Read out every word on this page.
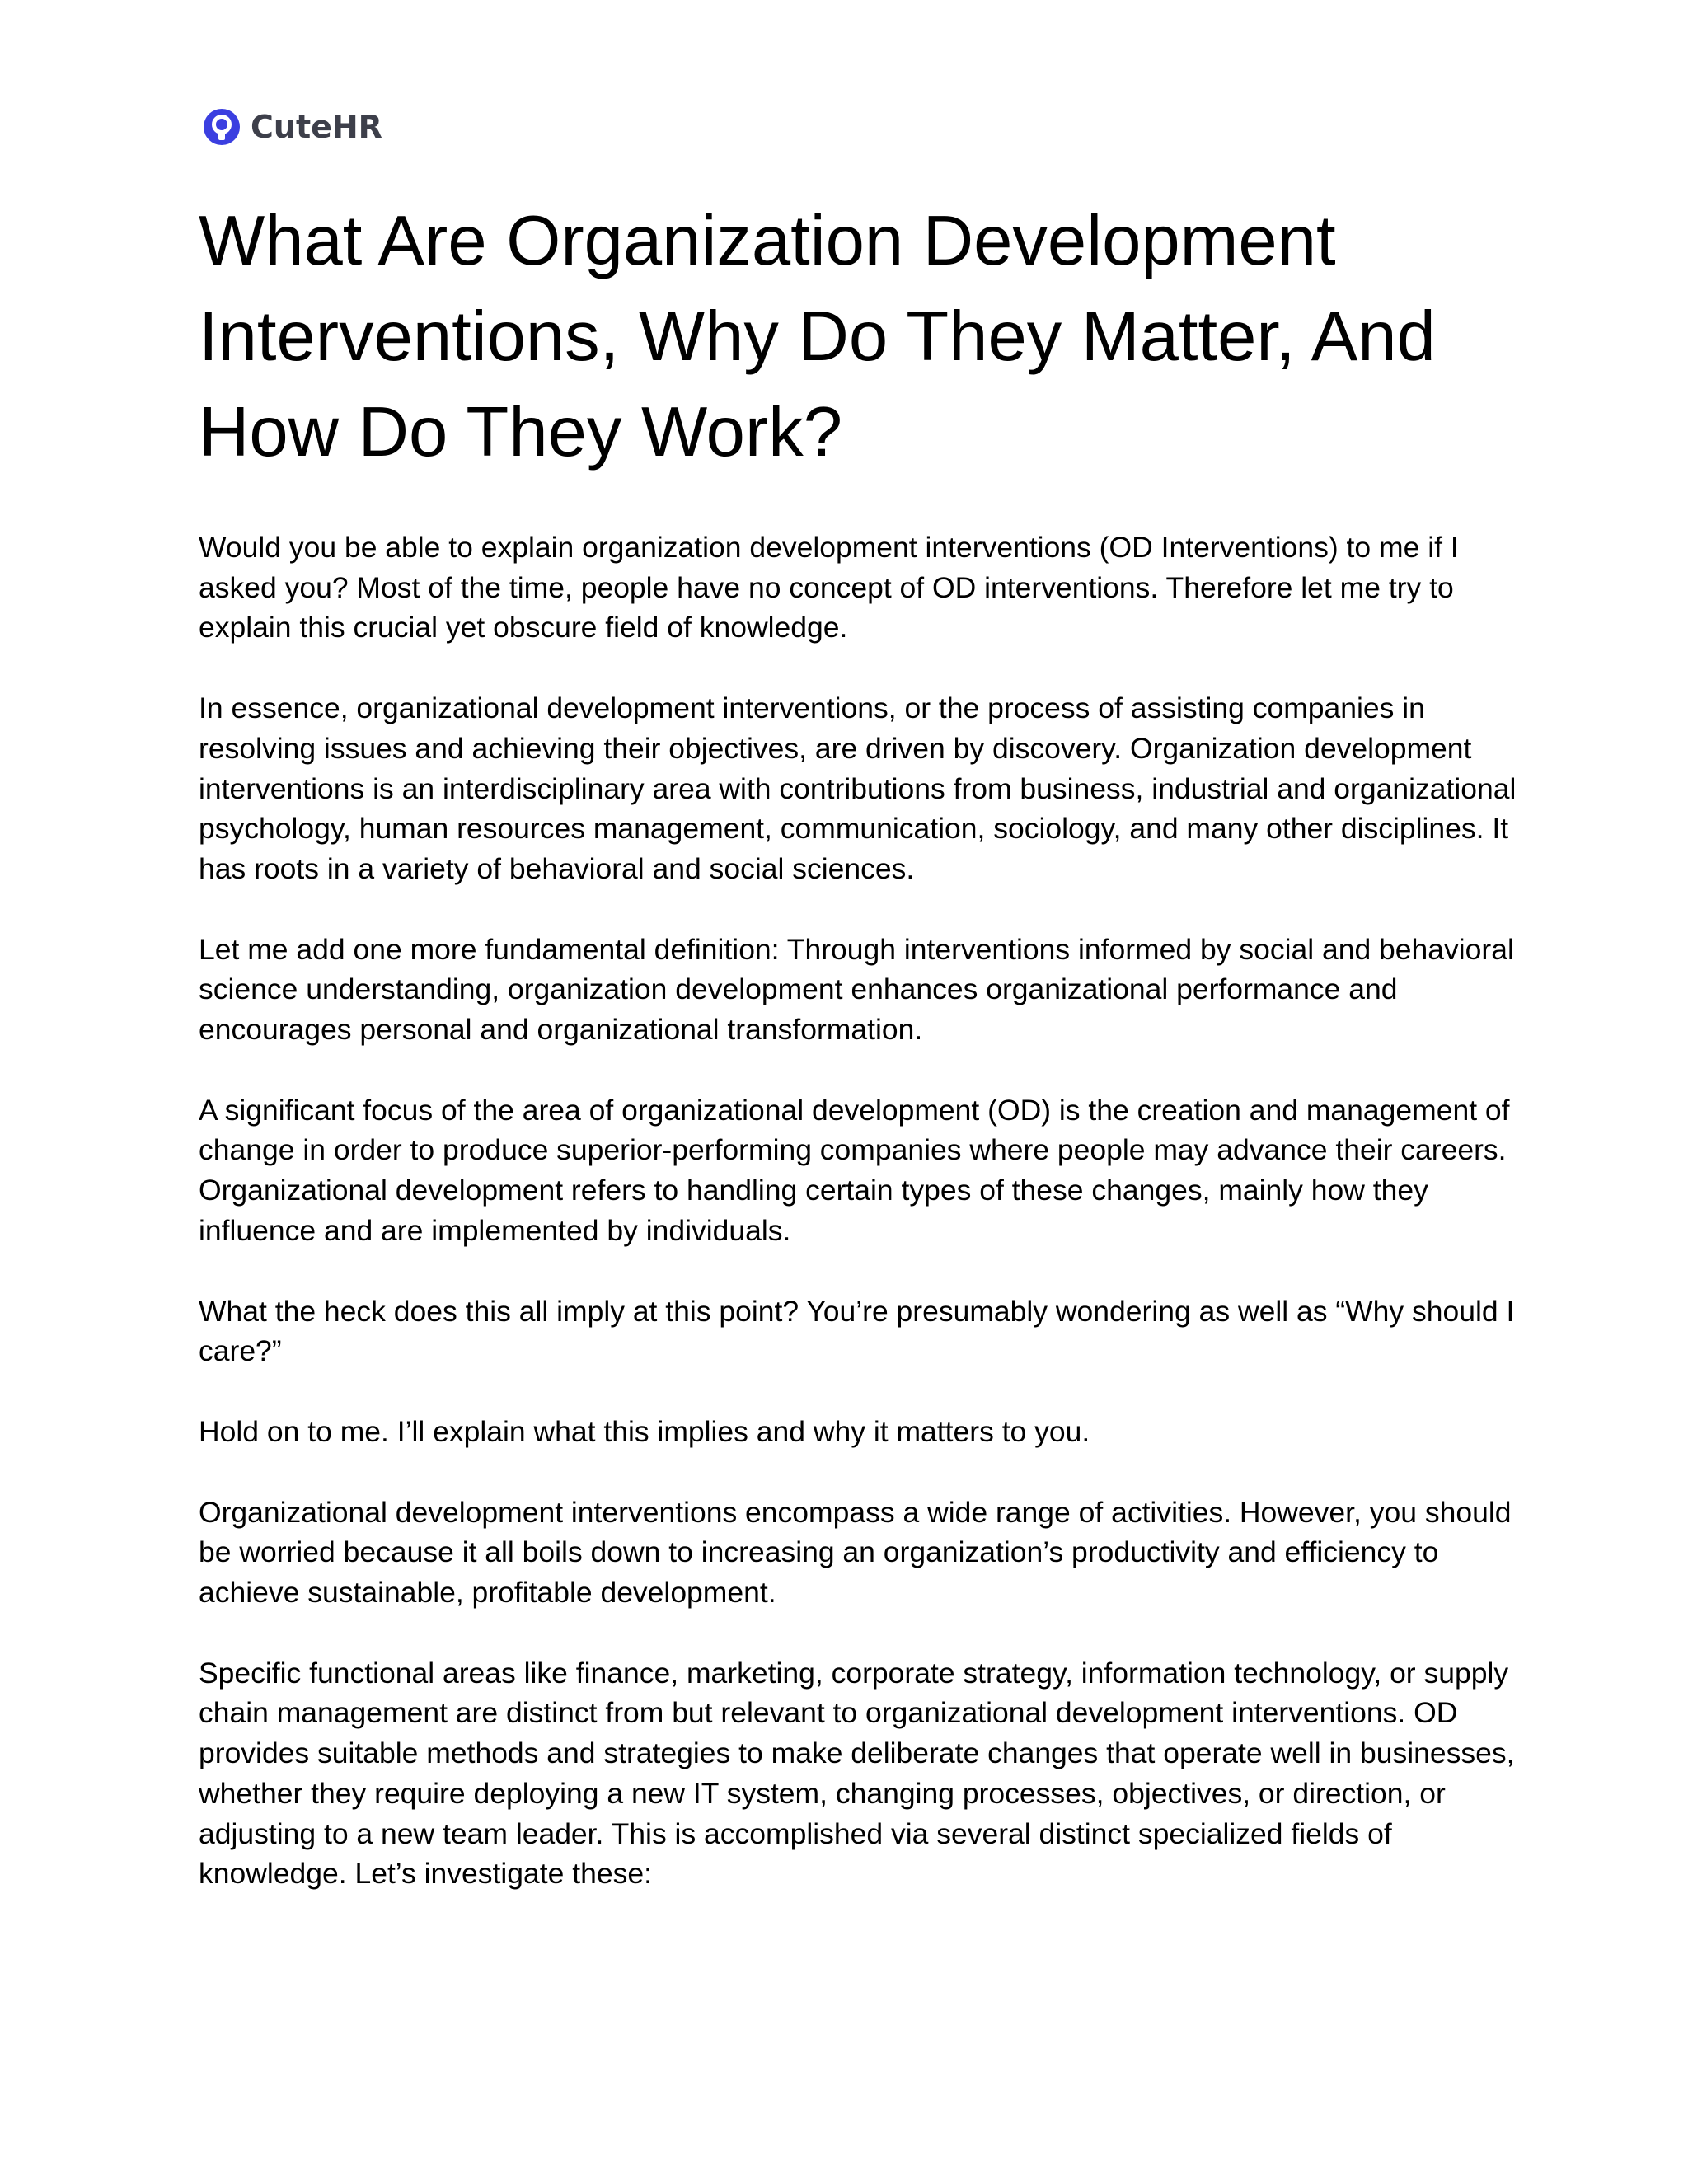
CuteHR
What Are Organization Development Interventions, Why Do They Matter, And How Do They Work?

Would you be able to explain organization development interventions (OD Interventions) to me if I asked you? Most of the time, people have no concept of OD interventions. Therefore let me try to explain this crucial yet obscure field of knowledge.

In essence, organizational development interventions, or the process of assisting companies in resolving issues and achieving their objectives, are driven by discovery. Organization development interventions is an interdisciplinary area with contributions from business, industrial and organizational psychology, human resources management, communication, sociology, and many other disciplines. It has roots in a variety of behavioral and social sciences.

Let me add one more fundamental definition: Through interventions informed by social and behavioral science understanding, organization development enhances organizational performance and encourages personal and organizational transformation.

A significant focus of the area of organizational development (OD) is the creation and management of change in order to produce superior-performing companies where people may advance their careers. Organizational development refers to handling certain types of these changes, mainly how they influence and are implemented by individuals.

What the heck does this all imply at this point? You’re presumably wondering as well as “Why should I care?”

Hold on to me. I’ll explain what this implies and why it matters to you.

Organizational development interventions encompass a wide range of activities. However, you should be worried because it all boils down to increasing an organization’s productivity and efficiency to achieve sustainable, profitable development.

Specific functional areas like finance, marketing, corporate strategy, information technology, or supply chain management are distinct from but relevant to organizational development interventions. OD provides suitable methods and strategies to make deliberate changes that operate well in businesses, whether they require deploying a new IT system, changing processes, objectives, or direction, or adjusting to a new team leader. This is accomplished via several distinct specialized fields of knowledge. Let’s investigate these:
